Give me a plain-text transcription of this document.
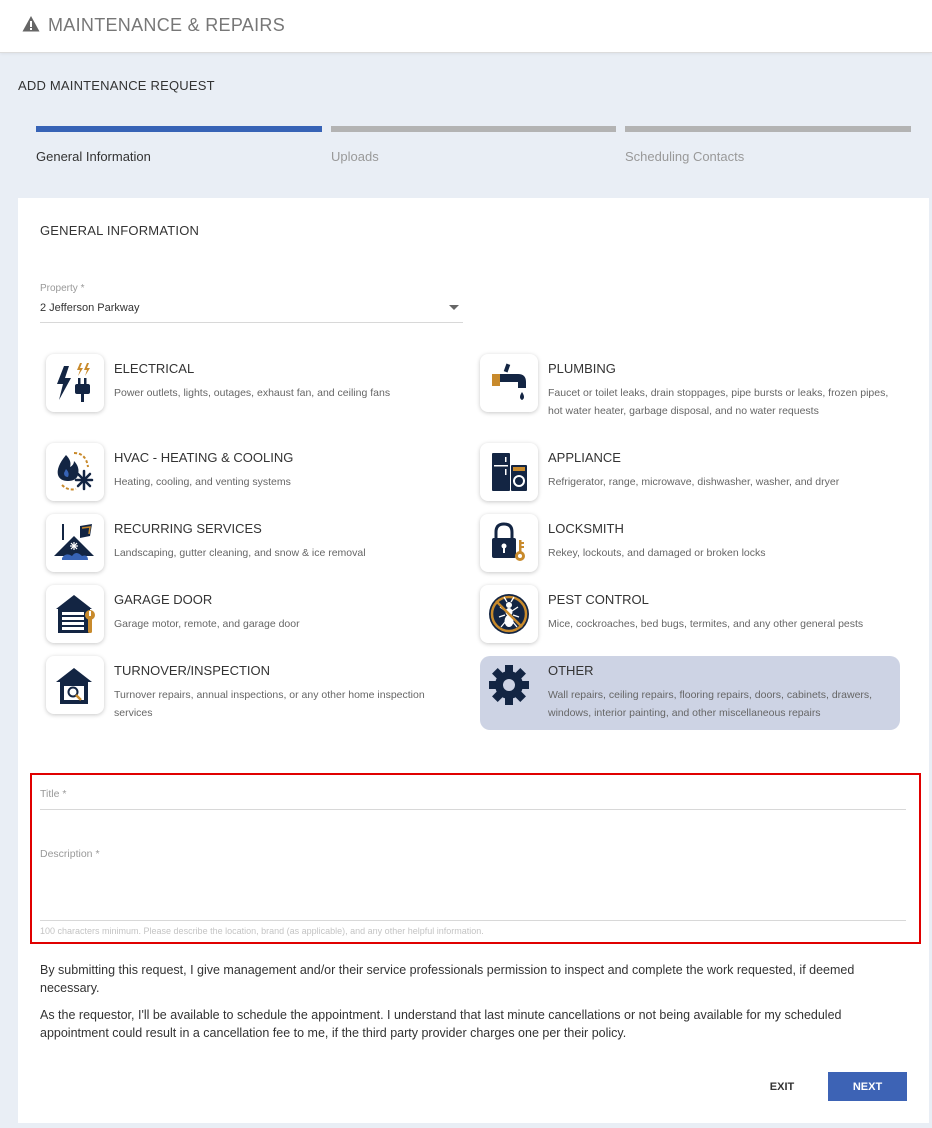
MAINTENANCE & REPAIRS
ADD MAINTENANCE REQUEST
General Information	Uploads	Scheduling Contacts
GENERAL INFORMATION
Property *
2 Jefferson Parkway
ELECTRICAL
Power outlets, lights, outages, exhaust fan, and ceiling fans
PLUMBING
Faucet or toilet leaks, drain stoppages, pipe bursts or leaks, frozen pipes, hot water heater, garbage disposal, and no water requests
HVAC - HEATING & COOLING
Heating, cooling, and venting systems
APPLIANCE
Refrigerator, range, microwave, dishwasher, washer, and dryer
RECURRING SERVICES
Landscaping, gutter cleaning, and snow & ice removal
LOCKSMITH
Rekey, lockouts, and damaged or broken locks
GARAGE DOOR
Garage motor, remote, and garage door
PEST CONTROL
Mice, cockroaches, bed bugs, termites, and any other general pests
TURNOVER/INSPECTION
Turnover repairs, annual inspections, or any other home inspection services
OTHER
Wall repairs, ceiling repairs, flooring repairs, doors, cabinets, drawers, windows, interior painting, and other miscellaneous repairs
Title *
Description *
100 characters minimum. Please describe the location, brand (as applicable), and any other helpful information.
By submitting this request, I give management and/or their service professionals permission to inspect and complete the work requested, if deemed necessary.
As the requestor, I'll be available to schedule the appointment. I understand that last minute cancellations or not being available for my scheduled appointment could result in a cancellation fee to me, if the third party provider charges one per their policy.
EXIT	NEXT
